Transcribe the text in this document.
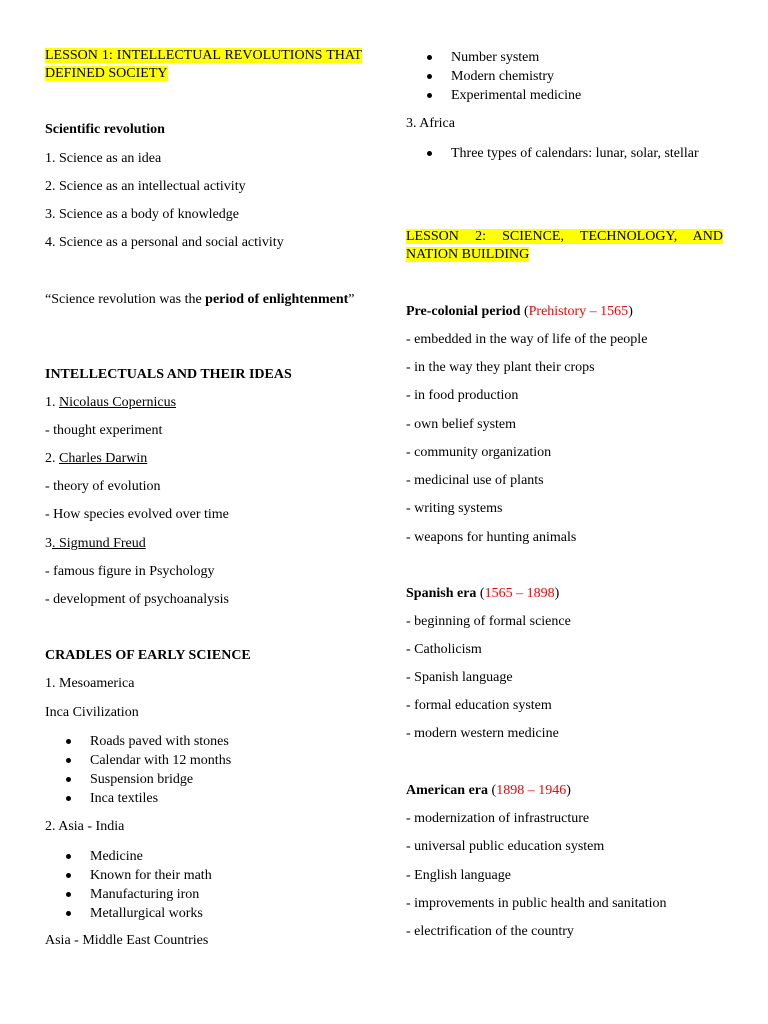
LESSON 1: INTELLECTUAL REVOLUTIONS THAT DEFINED SOCIETY

Scientific revolution

1. Science as an idea

2. Science as an intellectual activity

3. Science as a body of knowledge

4. Science as a personal and social activity

“Science revolution was the period of enlightenment”

INTELLECTUALS AND THEIR IDEAS

1. Nicolaus Copernicus

- thought experiment

2. Charles Darwin

- theory of evolution

- How species evolved over time

3. Sigmund Freud

- famous figure in Psychology

- development of psychoanalysis

CRADLES OF EARLY SCIENCE

1. Mesoamerica

Inca Civilization

Roads paved with stones
Calendar with 12 months
Suspension bridge
Inca textiles

2. Asia - India

Medicine
Known for their math
Manufacturing iron
Metallurgical works

Asia - Middle East Countries

Number system
Modern chemistry
Experimental medicine

3. Africa

Three types of calendars: lunar, solar, stellar

LESSON 2: SCIENCE, TECHNOLOGY, AND NATION BUILDING

Pre-colonial period (Prehistory – 1565)

- embedded in the way of life of the people

- in the way they plant their crops

- in food production

- own belief system

- community organization

- medicinal use of plants

- writing systems

- weapons for hunting animals

Spanish era (1565 – 1898)

- beginning of formal science

- Catholicism

- Spanish language

- formal education system

- modern western medicine

American era (1898 – 1946)

- modernization of infrastructure

- universal public education system

- English language

- improvements in public health and sanitation

- electrification of the country
